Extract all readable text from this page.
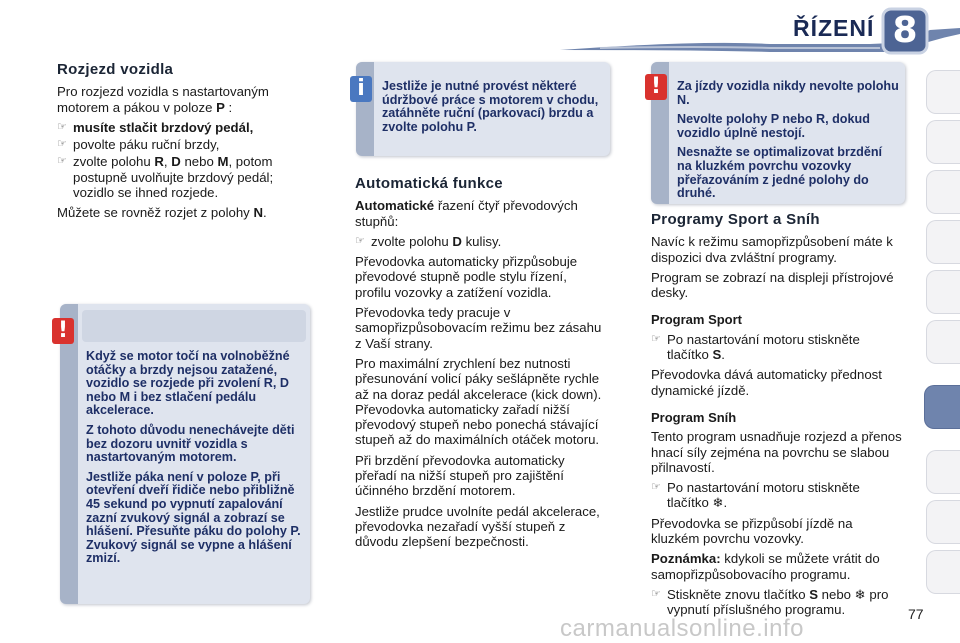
ŘÍZENÍ 8
Rozjezd vozidla

Pro rozjezd vozidla s nastartovaným motorem a pákou v poloze P :

☞ musíte stlačit brzdový pedál,
☞ povolte páku ruční brzdy,
☞ zvolte polohu R, D nebo M, potom postupně uvolňujte brzdový pedál; vozidlo se ihned rozjede.

Můžete se rovněž rozjet z polohy N.

!

Když se motor točí na volnoběžné otáčky a brzdy nejsou zatažené, vozidlo se rozjede při zvolení R, D nebo M i bez stlačení pedálu akcelerace.

Z tohoto důvodu nenechávejte děti bez dozoru uvnitř vozidla s nastartovaným motorem.

Jestliže páka není v poloze P, při otevření dveří řidiče nebo přibližně 45 sekund po vypnutí zapalování zazní zvukový signál a zobrazí se hlášení. Přesuňte páku do polohy P. Zvukový signál se vypne a hlášení zmizí.

i	Jestliže je nutné provést některé údržbové práce s motorem v chodu, zatáhněte ruční (parkovací) brzdu a zvolte polohu P.
Automatická funkce

Automatické řazení čtyř převodových stupňů:

☞ zvolte polohu D kulisy.

Převodovka automaticky přizpůsobuje převodové stupně podle stylu řízení, profilu vozovky a zatížení vozidla.

Převodovka tedy pracuje v samopřizpůsobovacím režimu bez zásahu z Vaší strany.

Pro maximální zrychlení bez nutnosti přesunování volicí páky sešlápněte rychle až na doraz pedál akcelerace (kick down). Převodovka automaticky zařadí nižší převodový stupeň nebo ponechá stávající stupeň až do maximálních otáček motoru.

Při brzdění převodovka automaticky přeřadí na nižší stupeň pro zajištění účinného brzdění motorem.

Jestliže prudce uvolníte pedál akcelerace, převodovka nezařadí vyšší stupeň z důvodu zlepšení bezpečnosti.

!	Za jízdy vozidla nikdy nevolte polohu N.

Nevolte polohy P nebo R, dokud vozidlo úplně nestojí.

Nesnažte se optimalizovat brzdění na kluzkém povrchu vozovky přeřazováním z jedné polohy do druhé.

Programy Sport a Sníh

Navíc k režimu samopřizpůsobení máte k dispozici dva zvláštní programy.

Program se zobrazí na displeji přístrojové desky.

Program Sport
☞ Po nastartování motoru stiskněte tlačítko S.

Převodovka dává automaticky přednost dynamické jízdě.

Program Sníh

Tento program usnadňuje rozjezd a přenos hnací síly zejména na povrchu se slabou přilnavostí.

☞ Po nastartování motoru stiskněte tlačítko ❄.

Převodovka se přizpůsobí jízdě na kluzkém povrchu vozovky.

Poznámka: kdykoli se můžete vrátit do samopřizpůsobovacího programu.

☞ Stiskněte znovu tlačítko S nebo ❄ pro vypnutí příslušného programu.	77
carmanualsonline.info
